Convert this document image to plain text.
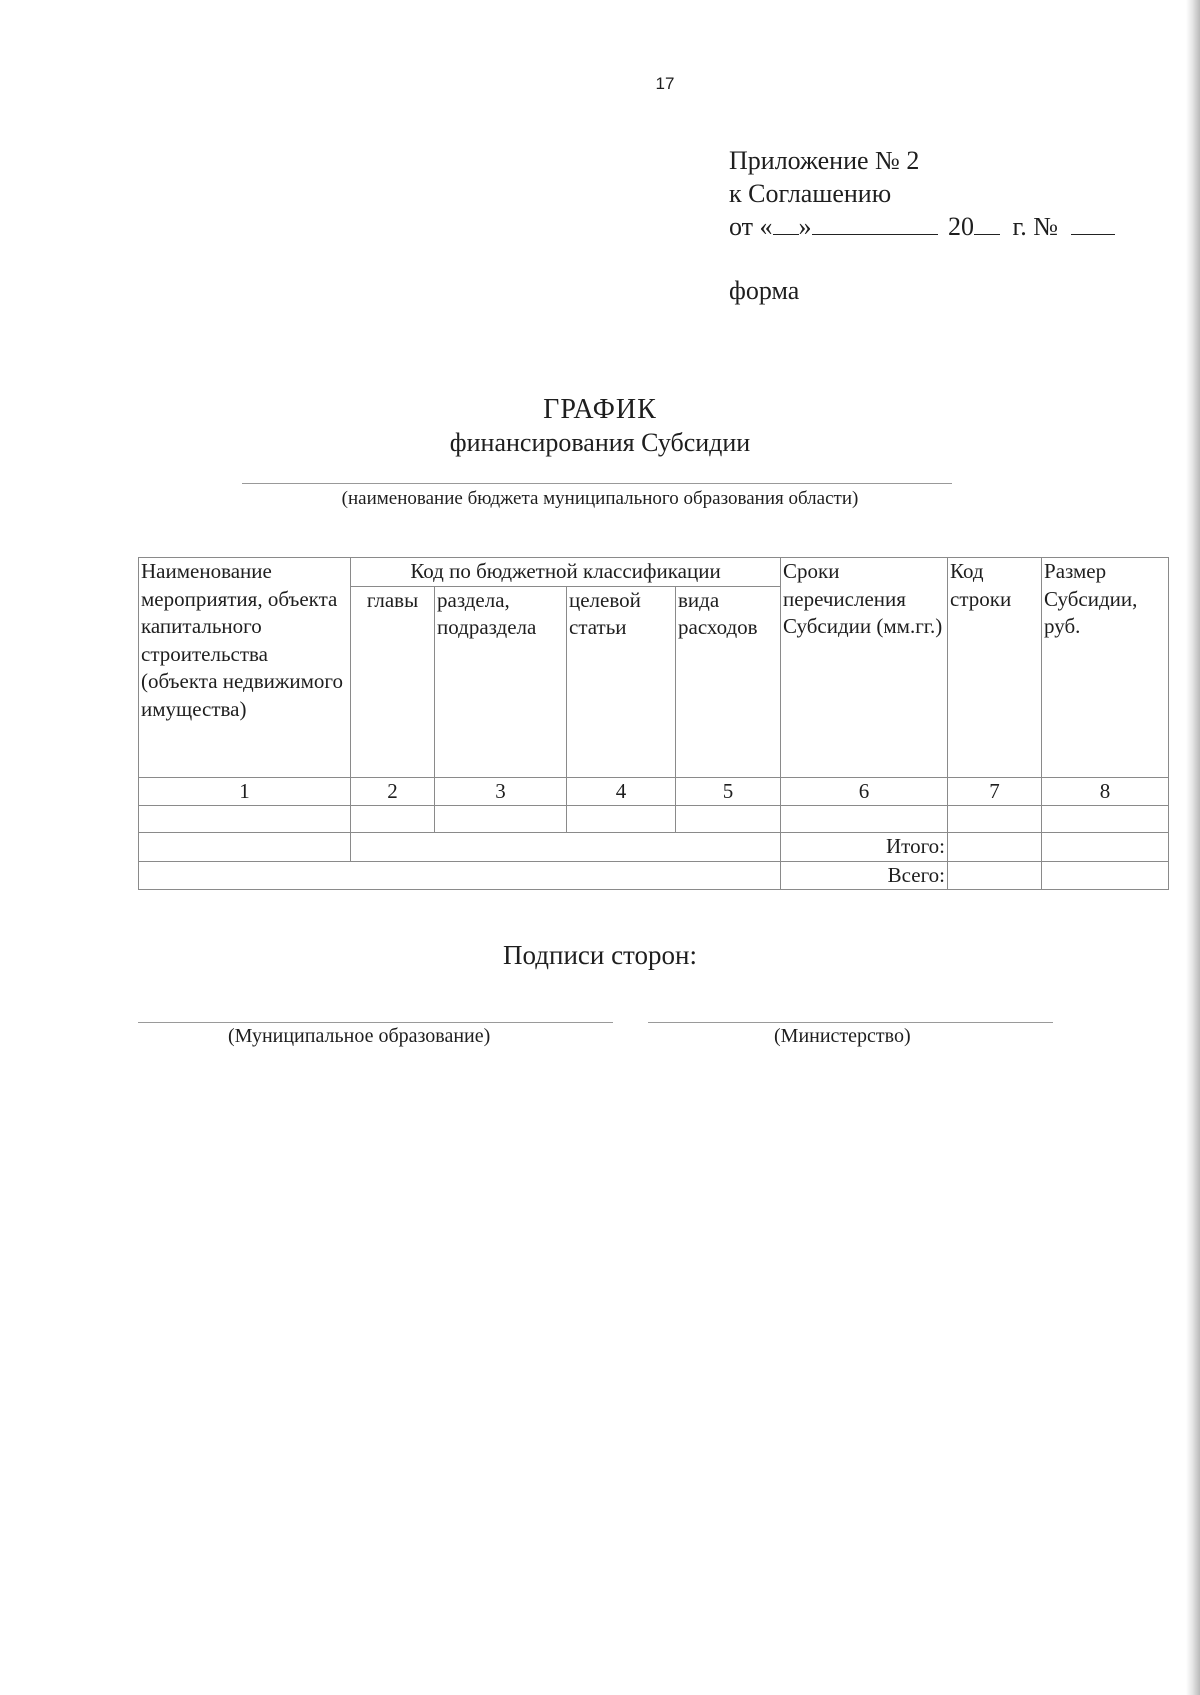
17
Приложение № 2
к Соглашению
от « »	20 г. №
форма
ГРАФИК
финансирования Субсидии
(наименование бюджета муниципального образования области)
Наименование мероприятия, объекта капитального строительства (объекта недвижимого имущества)	Код по бюджетной классификации				Сроки перечисления Субсидии (мм.гг.)	Код строки	Размер Субсидии, руб.
	главы	раздела, подраздела	целевой статьи	вида расходов			
1	2	3	4	5	6	7	8

					Итого:		
					Всего:		
Подписи сторон:
(Муниципальное образование)	(Министерство)
